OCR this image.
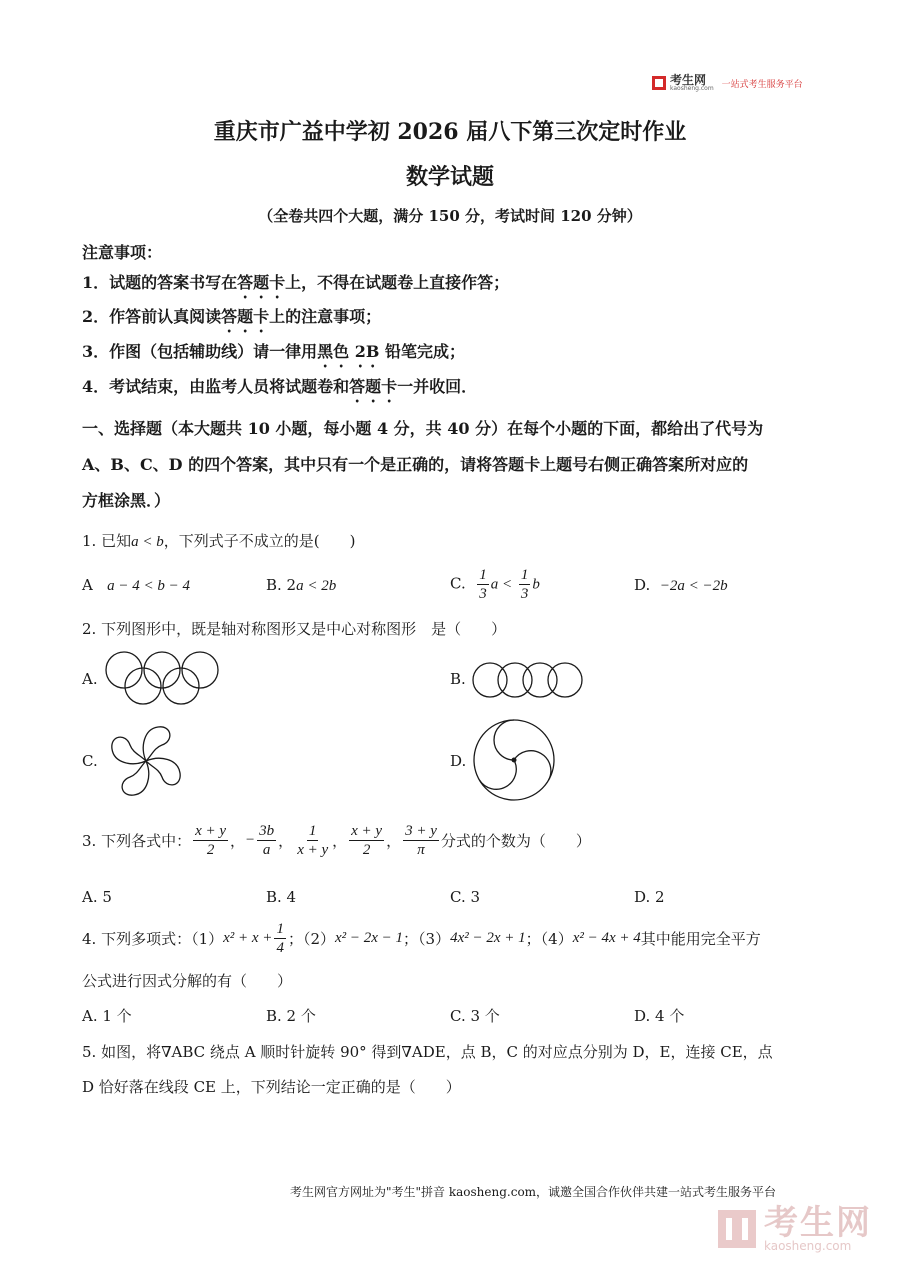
考生网
kaosheng.com 一站式考生服务平台
重庆市广益中学初 2026 届八下第三次定时作业
数学试题
（全卷共四个大题，满分 150 分，考试时间 120 分钟）
注意事项：
1．试题的答案书写在答题卡上，不得在试题卷上直接作答；
2．作答前认真阅读答题卡上的注意事项；
3．作图（包括辅助线）请一律用黑色 2B 铅笔完成；
4．考试结束，由监考人员将试题卷和答题卡一并收回．
一、选择题（本大题共 10 小题，每小题 4 分，共 40 分）在每个小题的下面，都给出了代号为
A、B、C、D 的四个答案，其中只有一个是正确的，请将答题卡上题号右侧正确答案所对应的
方框涂黑．）
1. 已知a < b，下列式子不成立的是(　　)
A a − 4 < b − 4	B. 2a < 2b	C. $\frac{1}{3}$ $a < \frac{1}{3}$ b	D. −2a < −2b
2. 下列图形中，既是轴对称图形又是中心对称图形　是（　　）
A.	B.
C.	D.
3. 下列各式中： $\frac{x + y}{2}$ ， − $\frac{3b}{a}$ ， $\frac{1}{x + y}$ ， $\frac{x + y}{2}$ ， $\frac{3 + y}{\pi}$ 分式的个数为（　　）
A. 5	B. 4	C. 3	D. 2
4. 下列多项式：（1） $x^2 + x + \frac{1}{4}$ ；（2） x² − 2x − 1 ；（3） 4x² − 2x + 1 ；（4） x² − 4x + 4 其中能用完全平方
公式进行因式分解的有（　　）
A. 1 个	B. 2 个	C. 3 个	D. 4 个
5. 如图，将∇ABC 绕点 A 顺时针旋转 90° 得到∇ADE，点 B，C 的对应点分别为 D，E，连接 CE，点
D 恰好落在线段 CE 上，下列结论一定正确的是（　　）
考生网官方网址为"考生"拼音 kaosheng.com，诚邀全国合作伙伴共建一站式考生服务平台
考生网
kaosheng.com
